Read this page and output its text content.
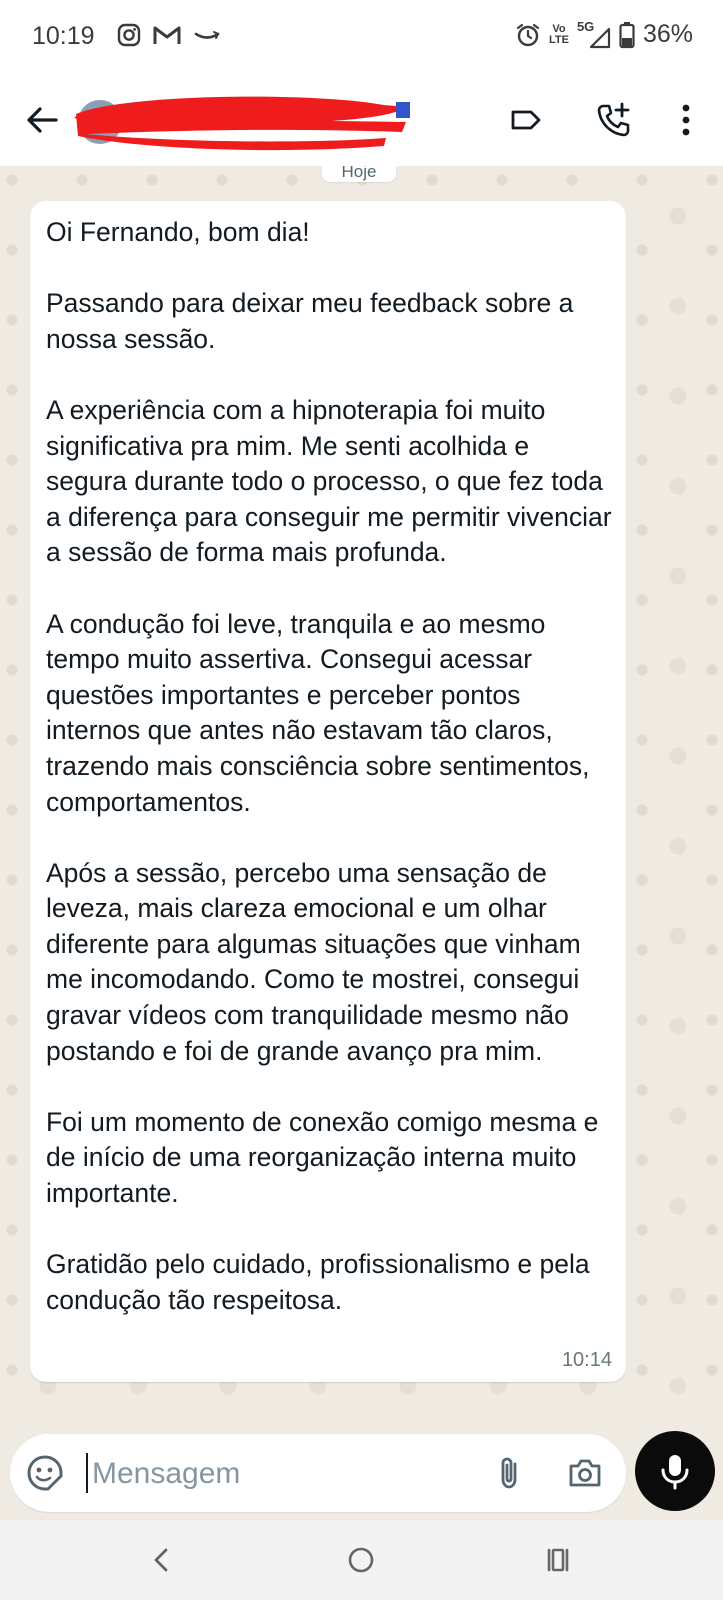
10:19	Vo
LTE
5G 36%
Hoje
Oi Fernando, bom dia!

Passando para deixar meu feedback sobre a nossa sessão.

A experiência com a hipnoterapia foi muito significativa pra mim. Me senti acolhida e segura durante todo o processo, o que fez toda a diferença para conseguir me permitir vivenciar a sessão de forma mais profunda.

A condução foi leve, tranquila e ao mesmo tempo muito assertiva. Consegui acessar questões importantes e perceber pontos internos que antes não estavam tão claros, trazendo mais consciência sobre sentimentos, comportamentos.

Após a sessão, percebo uma sensação de leveza, mais clareza emocional e um olhar diferente para algumas situações que vinham me incomodando. Como te mostrei, consegui gravar vídeos com tranquilidade mesmo não postando e foi de grande avanço pra mim.

Foi um momento de conexão comigo mesma e de início de uma reorganização interna muito importante.

Gratidão pelo cuidado, profissionalismo e pela condução tão respeitosa.
10:14
Mensagem
